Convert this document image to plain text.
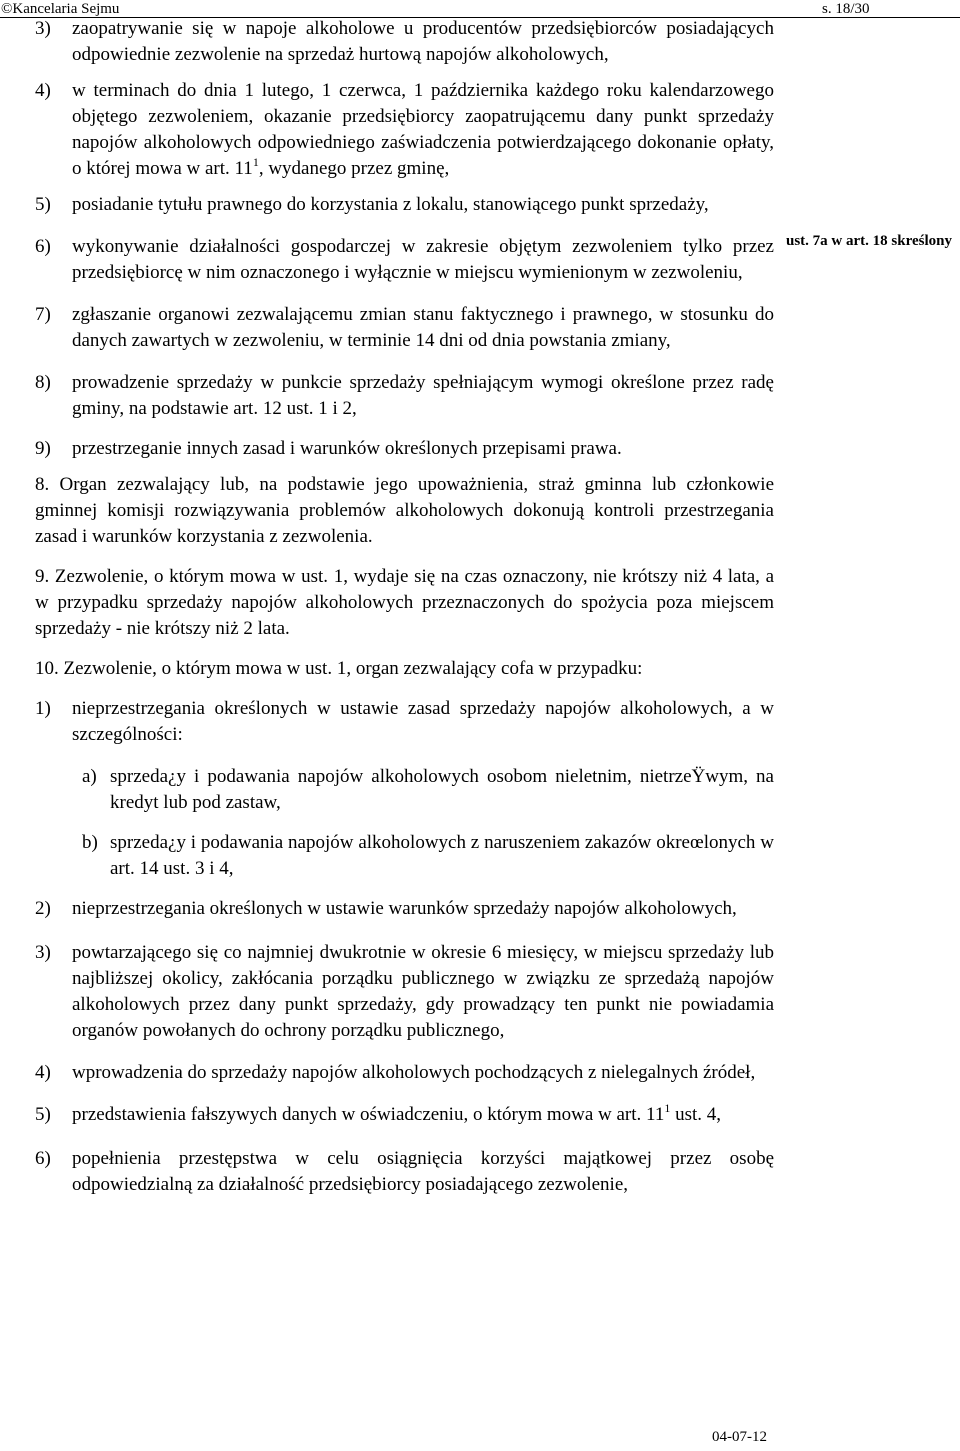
©Kancelaria Sejmu	s. 18/30
3)	zaopatrywanie się w napoje alkoholowe u producentów przedsiębiorców posiadających odpowiednie zezwolenie na sprzedaż hurtową napojów alkoholowych,
4)	w terminach do dnia 1 lutego, 1 czerwca, 1 października każdego roku kalendarzowego objętego zezwoleniem, okazanie przedsiębiorcy zaopatrującemu dany punkt sprzedaży napojów alkoholowych odpowiedniego zaświadczenia potwierdzającego dokonanie opłaty, o której mowa w art. $11^1$, wydanego przez gminę,
5)	posiadanie tytułu prawnego do korzystania z lokalu, stanowiącego punkt sprzedaży,
6)	wykonywanie działalności gospodarczej w zakresie objętym zezwoleniem tylko przez przedsiębiorcę w nim oznaczonego i wyłącznie w miejscu wymienionym w zezwoleniu,
7)	zgłaszanie organowi zezwalającemu zmian stanu faktycznego i prawnego, w stosunku do danych zawartych w zezwoleniu, w terminie 14 dni od dnia powstania zmiany,
8)	prowadzenie sprzedaży w punkcie sprzedaży spełniającym wymogi określone przez radę gminy, na podstawie art. 12 ust. 1 i 2,
9)	przestrzeganie innych zasad i warunków określonych przepisami prawa.

8. Organ zezwalający lub, na podstawie jego upoważnienia, straż gminna lub członkowie gminnej komisji rozwiązywania problemów alkoholowych dokonują kontroli przestrzegania zasad i warunków korzystania z zezwolenia.

9. Zezwolenie, o którym mowa w ust. 1, wydaje się na czas oznaczony, nie krótszy niż 4 lata, a w przypadku sprzedaży napojów alkoholowych przeznaczonych do spożycia poza miejscem sprzedaży - nie krótszy niż 2 lata.

10. Zezwolenie, o którym mowa w ust. 1, organ zezwalający cofa w przypadku:

1)	nieprzestrzegania określonych w ustawie zasad sprzedaży napojów alkoholowych, a w szczególności:
a) sprzeda¿y i podawania napojów alkoholowych osobom nieletnim, nietrzeŸwym, na kredyt lub pod zastaw,
b) sprzeda¿y i podawania napojów alkoholowych z naruszeniem zakazów okreœlonych w art. 14 ust. 3 i 4,
2)	nieprzestrzegania określonych w ustawie warunków sprzedaży napojów alkoholowych,
3)	powtarzającego się co najmniej dwukrotnie w okresie 6 miesięcy, w miejscu sprzedaży lub najbliższej okolicy, zakłócania porządku publicznego w związku ze sprzedażą napojów alkoholowych przez dany punkt sprzedaży, gdy prowadzący ten punkt nie powiadamia organów powołanych do ochrony porządku publicznego,
4)	wprowadzenia do sprzedaży napojów alkoholowych pochodzących z nielegalnych źródeł,
5)	przedstawienia fałszywych danych w oświadczeniu, o którym mowa w art. $11^1$ ust. 4,
6)	popełnienia przestępstwa w celu osiągnięcia korzyści majątkowej przez osobę odpowiedzialną za działalność przedsiębiorcy posiadającego zezwolenie,
ust. 7a w art. 18 skreślony
04-07-12
